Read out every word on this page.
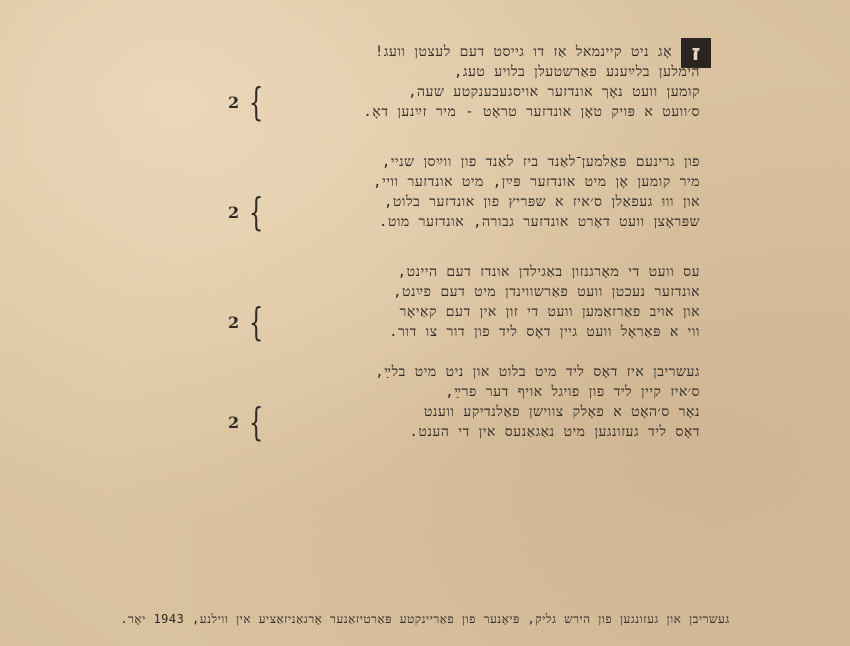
ז
אָג ניט קיינמאל אַז דו גייסט דעם לעצטן וועג!
הימלען בלײַענע פאַרשטעלן בלויע טעג,
קומען וועט נאָך אונדזער אויסגעבענקטע שעה,
ס׳וועט א פּויק טאָן אונדזער טראָט - מיר זײַנען דאָ.
2 {
פון גרינעם פּאַלמען־לאַנד ביז לאַנד פון ווײַסן שניי,
מיר קומען אָן מיט אונדזער פּײַן, מיט אונדזער וויי,
און וווּ געפאַלן ס׳איז א שפּריץ פון אונדזער בלוט,
שפּראָצן וועט דאָרט אונדזער גבורה, אונדזער מוט.
2 {
עס וועט די מאָרגנזון באַגילדן אונדז דעם היינט,
אונדזער נעכטן וועט פאַרשווינדן מיט דעם פײַנט,
און אויב פאַרזאַמען וועט די זון אין דעם קאַיאָר
ווי א פּאַראָל וועט גיין דאָס ליד פון דור צו דור.
2 {
געשריבן איז דאָס ליד מיט בלוט און ניט מיט בלײַ,
ס׳איז קיין ליד פון פויגל אויף דער פרײַ,
נאָר ס׳האָט א פאָלק צווישן פאַלנדיקע ווענט
דאָס ליד געזונגען מיט נאַגאַנעס אין די הענט.
2 {
געשריבן און געזונגען פון הירש גליק, פּיאָנער פון פאַריינקטע פּאַרטיזאַנער אָרגאַניזאַציע אין ווילנע, 1943 יאָר.
